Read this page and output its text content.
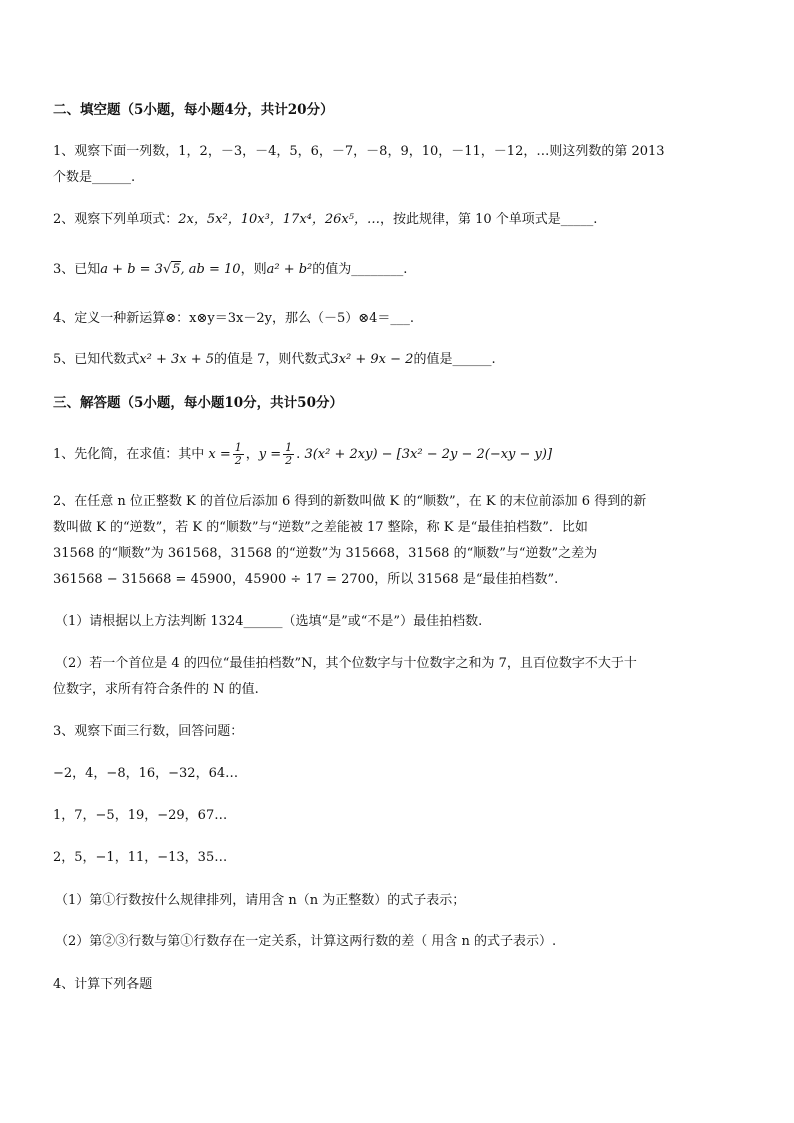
二、填空题（5小题，每小题4分，共计20分）
1、观察下面一列数，1，2，－3，－4，5，6，－7，－8，9，10，－11，－12，…则这列数的第 2013
个数是______.
2、观察下列单项式：2x，5x²，10x³，17x⁴，26x⁵，…，按此规律，第 10 个单项式是_____.
3、已知a + b = 3√5, ab = 10，则a² + b²的值为________.
4、定义一种新运算⊗：x⊗y＝3x－2y，那么（－5）⊗4＝___.
5、已知代数式x² + 3x + 5的值是 7，则代数式3x² + 9x − 2的值是______.
三、解答题（5小题，每小题10分，共计50分）
1、先化简，在求值：其中 $x = \frac{1}{2}$ ，$y = \frac{1}{2}$ . 3(x² + 2xy) − [3x² − 2y − 2(−xy − y)]
2、在任意 n 位正整数 K 的首位后添加 6 得到的新数叫做 K 的“顺数”，在 K 的末位前添加 6 得到的新
数叫做 K 的“逆数”，若 K 的“顺数”与“逆数”之差能被 17 整除，称 K 是“最佳拍档数”．比如
31568 的“顺数”为 361568，31568 的“逆数”为 315668，31568 的“顺数”与“逆数”之差为
361568 − 315668 = 45900，45900 ÷ 17 = 2700，所以 31568 是“最佳拍档数”.
（1）请根据以上方法判断 1324______（选填“是”或“不是”）最佳拍档数.
（2）若一个首位是 4 的四位“最佳拍档数”N，其个位数字与十位数字之和为 7，且百位数字不大于十
位数字，求所有符合条件的 N 的值.
3、观察下面三行数，回答问题：
−2，4，−8，16，−32，64…
1，7，−5，19，−29，67…
2，5，−1，11，−13，35…
（1）第①行数按什么规律排列，请用含 n（n 为正整数）的式子表示；
（2）第②③行数与第①行数存在一定关系，计算这两行数的差（ 用含 n 的式子表示）.
4、计算下列各题
